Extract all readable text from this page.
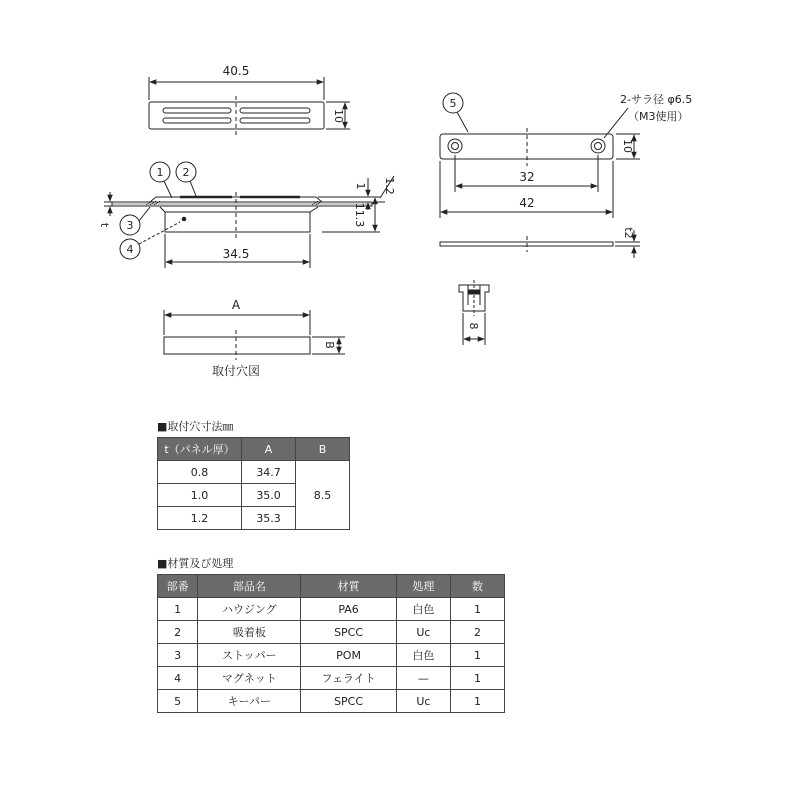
40.5
10
1 2
3
4
t
1 1.2
11.3
34.5
A
B
取付穴図
5	2-サラ径 φ6.5
（M3使用）
10
32
42
t2
8
■取付穴寸法㎜
t（パネル厚）	A	B
0.8	34.7	8.5
1.0	35.0	
1.2	35.3	
■材質及び処理
部番	部品名	材質	処理	数
1	ハウジング	PA6	白色	1
2	吸着板	SPCC	Uc	2
3	ストッパー	POM	白色	1
4	マグネット	フェライト	—	1
5	キーパー	SPCC	Uc	1
